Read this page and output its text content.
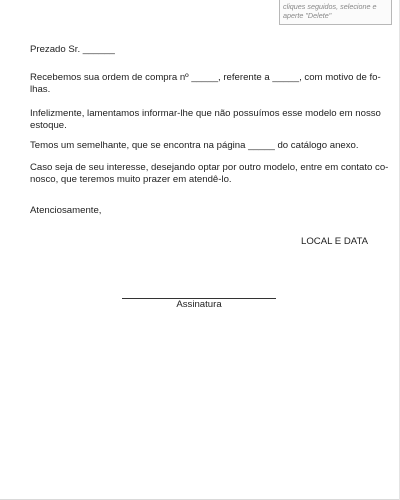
cliques seguidos, selecione e
aperte "Delete"
Prezado Sr. ______
Recebemos sua ordem de compra nº _____, referente a _____, com motivo de fo-
lhas.
Infelizmente, lamentamos informar-lhe que não possuímos esse modelo em nosso
estoque.
Temos um semelhante, que se encontra na página _____ do catálogo anexo.
Caso seja de seu interesse, desejando optar por outro modelo, entre em contato co-
nosco, que teremos muito prazer em atendê-lo.
Atenciosamente,
LOCAL E DATA
Assinatura
